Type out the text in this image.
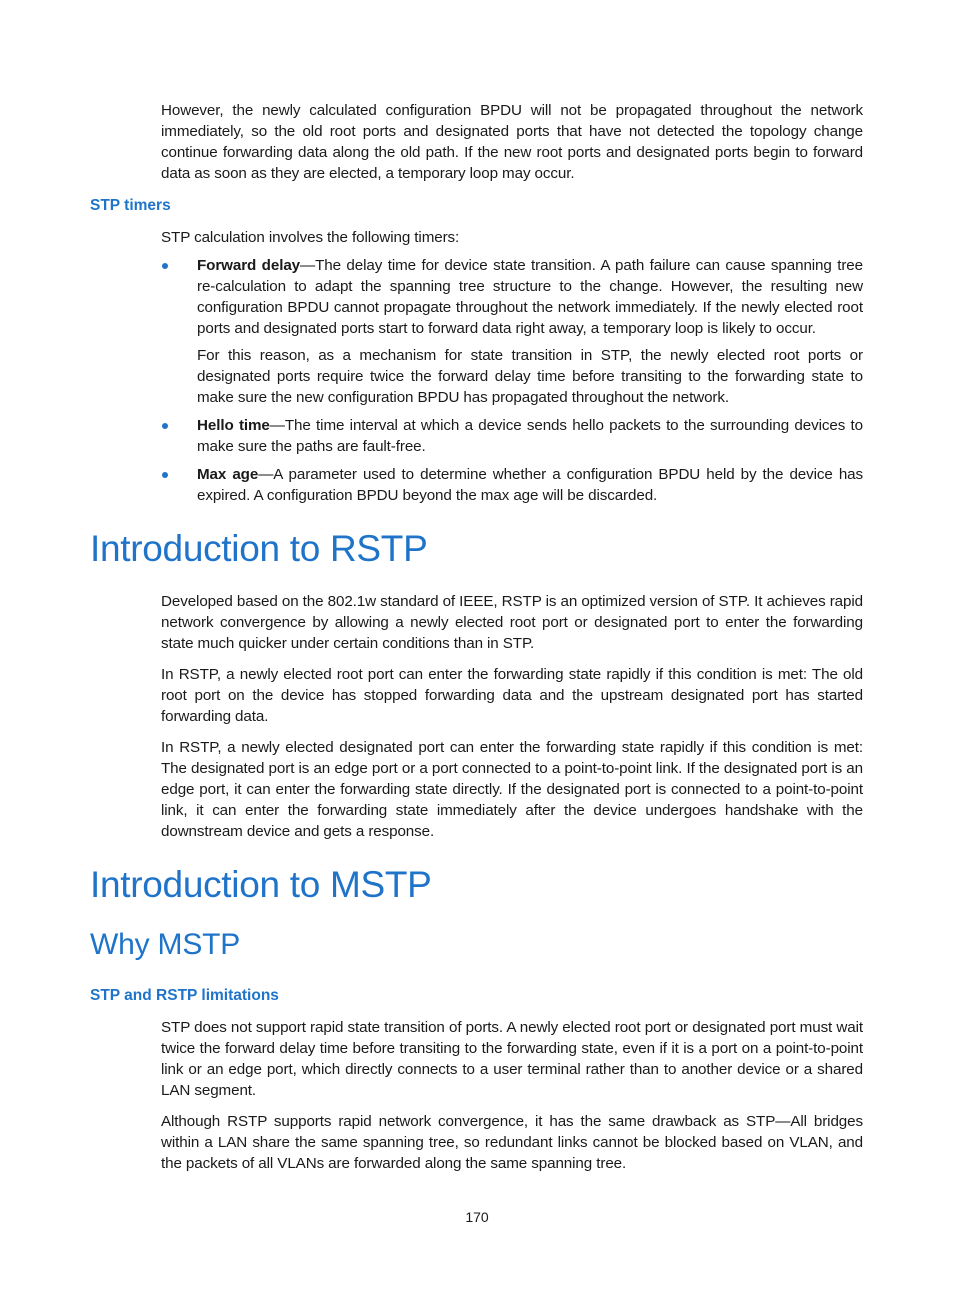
However, the newly calculated configuration BPDU will not be propagated throughout the network immediately, so the old root ports and designated ports that have not detected the topology change continue forwarding data along the old path. If the new root ports and designated ports begin to forward data as soon as they are elected, a temporary loop may occur.

STP timers

STP calculation involves the following timers:

Forward delay—The delay time for device state transition. A path failure can cause spanning tree re-calculation to adapt the spanning tree structure to the change. However, the resulting new configuration BPDU cannot propagate throughout the network immediately. If the newly elected root ports and designated ports start to forward data right away, a temporary loop is likely to occur.

For this reason, as a mechanism for state transition in STP, the newly elected root ports or designated ports require twice the forward delay time before transiting to the forwarding state to make sure the new configuration BPDU has propagated throughout the network.

Hello time—The time interval at which a device sends hello packets to the surrounding devices to make sure the paths are fault-free.

Max age—A parameter used to determine whether a configuration BPDU held by the device has expired. A configuration BPDU beyond the max age will be discarded.

Introduction to RSTP

Developed based on the 802.1w standard of IEEE, RSTP is an optimized version of STP. It achieves rapid network convergence by allowing a newly elected root port or designated port to enter the forwarding state much quicker under certain conditions than in STP.

In RSTP, a newly elected root port can enter the forwarding state rapidly if this condition is met: The old root port on the device has stopped forwarding data and the upstream designated port has started forwarding data.

In RSTP, a newly elected designated port can enter the forwarding state rapidly if this condition is met: The designated port is an edge port or a port connected to a point-to-point link. If the designated port is an edge port, it can enter the forwarding state directly. If the designated port is connected to a point-to-point link, it can enter the forwarding state immediately after the device undergoes handshake with the downstream device and gets a response.

Introduction to MSTP
Why MSTP
STP and RSTP limitations

STP does not support rapid state transition of ports. A newly elected root port or designated port must wait twice the forward delay time before transiting to the forwarding state, even if it is a port on a point-to-point link or an edge port, which directly connects to a user terminal rather than to another device or a shared LAN segment.

Although RSTP supports rapid network convergence, it has the same drawback as STP—All bridges within a LAN share the same spanning tree, so redundant links cannot be blocked based on VLAN, and the packets of all VLANs are forwarded along the same spanning tree.

170
